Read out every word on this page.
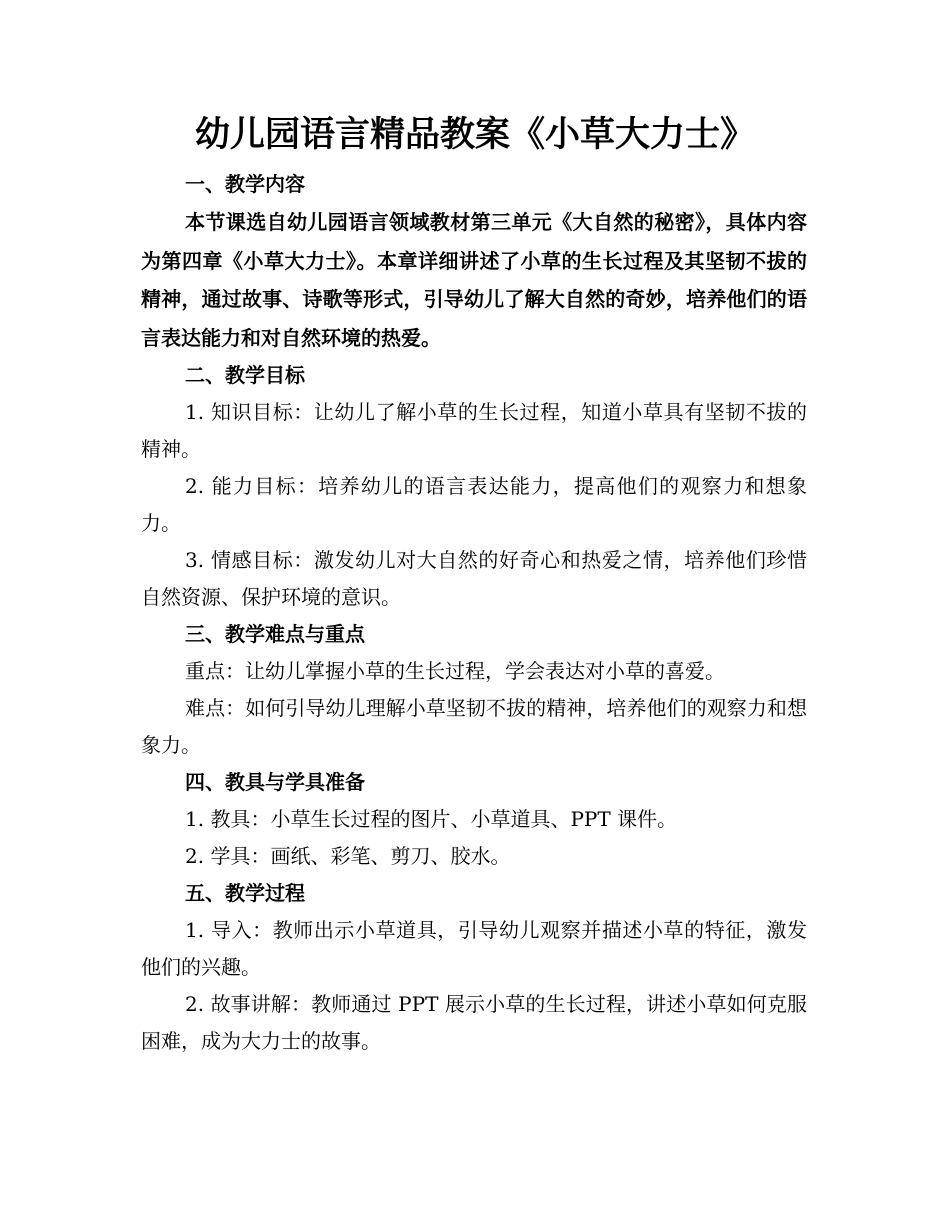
幼儿园语言精品教案《小草大力士》

一、教学内容

本节课选自幼儿园语言领域教材第三单元《大自然的秘密》，具体内容为第四章《小草大力士》。本章详细讲述了小草的生长过程及其坚韧不拔的精神，通过故事、诗歌等形式，引导幼儿了解大自然的奇妙，培养他们的语言表达能力和对自然环境的热爱。

二、教学目标

1. 知识目标：让幼儿了解小草的生长过程，知道小草具有坚韧不拔的精神。

2. 能力目标：培养幼儿的语言表达能力，提高他们的观察力和想象力。

3. 情感目标：激发幼儿对大自然的好奇心和热爱之情，培养他们珍惜自然资源、保护环境的意识。

三、教学难点与重点

重点：让幼儿掌握小草的生长过程，学会表达对小草的喜爱。

难点：如何引导幼儿理解小草坚韧不拔的精神，培养他们的观察力和想象力。

四、教具与学具准备

1. 教具：小草生长过程的图片、小草道具、PPT 课件。

2. 学具：画纸、彩笔、剪刀、胶水。

五、教学过程

1. 导入：教师出示小草道具，引导幼儿观察并描述小草的特征，激发他们的兴趣。

2. 故事讲解：教师通过 PPT 展示小草的生长过程，讲述小草如何克服困难，成为大力士的故事。
